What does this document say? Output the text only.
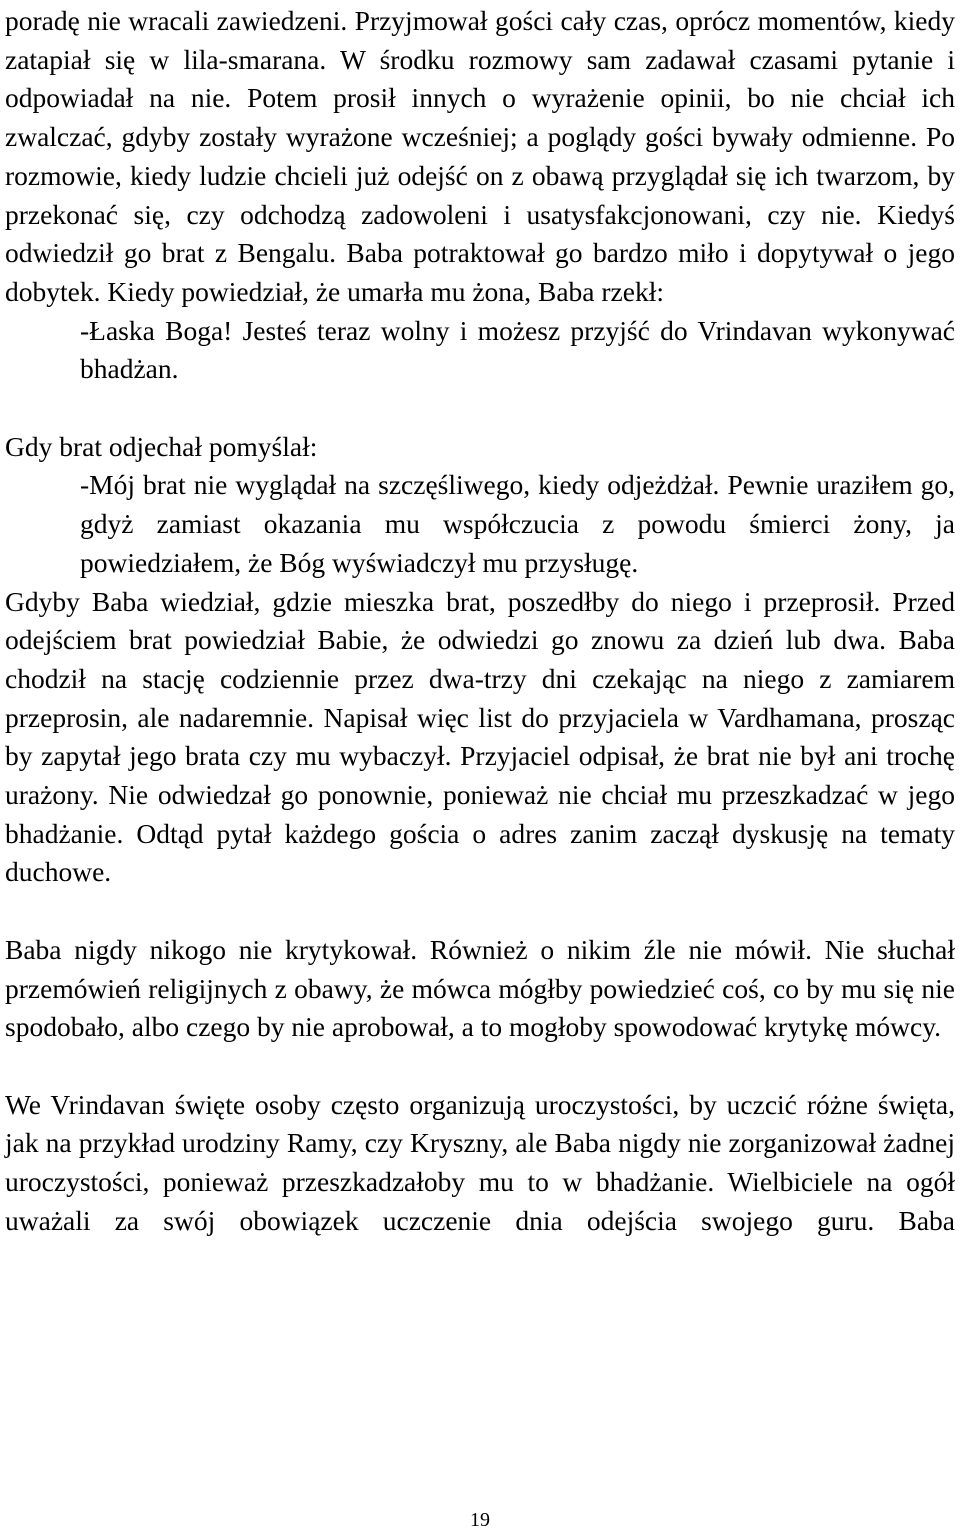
poradę nie wracali zawiedzeni. Przyjmował gości cały czas, oprócz momentów, kiedy zatapiał się w lila-smarana. W środku rozmowy sam zadawał czasami pytanie i odpowiadał na nie. Potem prosił innych o wyrażenie opinii, bo nie chciał ich zwalczać, gdyby zostały wyrażone wcześniej; a poglądy gości bywały odmienne. Po rozmowie, kiedy ludzie chcieli już odejść on z obawą przyglądał się ich twarzom, by przekonać się, czy odchodzą zadowoleni i usatysfakcjonowani, czy nie. Kiedyś odwiedził go brat z Bengalu. Baba potraktował go bardzo miło i dopytywał o jego dobytek. Kiedy powiedział, że umarła mu żona, Baba rzekł:

-Łaska Boga! Jesteś teraz wolny i możesz przyjść do Vrindavan wykonywać bhadżan.

Gdy brat odjechał pomyślał:

-Mój brat nie wyglądał na szczęśliwego, kiedy odjeżdżał. Pewnie uraziłem go, gdyż zamiast okazania mu współczucia z powodu śmierci żony, ja powiedziałem, że Bóg wyświadczył mu przysługę.

Gdyby Baba wiedział, gdzie mieszka brat, poszedłby do niego i przeprosił. Przed odejściem brat powiedział Babie, że odwiedzi go znowu za dzień lub dwa. Baba chodził na stację codziennie przez dwa-trzy dni czekając na niego z zamiarem przeprosin, ale nadaremnie. Napisał więc list do przyjaciela w Vardhamana, prosząc by zapytał jego brata czy mu wybaczył. Przyjaciel odpisał, że brat nie był ani trochę urażony. Nie odwiedzał go ponownie, ponieważ nie chciał mu przeszkadzać w jego bhadżanie. Odtąd pytał każdego gościa o adres zanim zaczął dyskusję na tematy duchowe.

Baba nigdy nikogo nie krytykował. Również o nikim źle nie mówił. Nie słuchał przemówień religijnych z obawy, że mówca mógłby powiedzieć coś, co by mu się nie spodobało, albo czego by nie aprobował, a to mogłoby spowodować krytykę mówcy.

We Vrindavan święte osoby często organizują uroczystości, by uczcić różne święta, jak na przykład urodziny Ramy, czy Kryszny, ale Baba nigdy nie zorganizował żadnej uroczystości, ponieważ przeszkadzałoby mu to w bhadżanie. Wielbiciele na ogół uważali za swój obowiązek uczczenie dnia odejścia swojego guru. Baba

19
